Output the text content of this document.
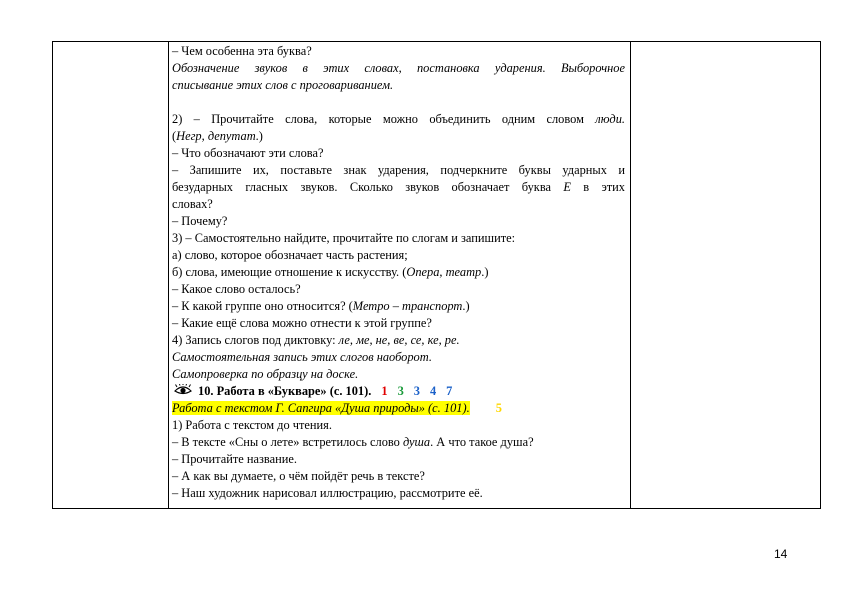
– Чем особенна эта буква?
Обозначение звуков в этих словах, постановка ударения. Выборочное
списывание этих слов с проговариванием.
2) – Прочитайте слова, которые можно объединить одним словом люди.
(Негр, депутат.)
– Что обозначают эти слова?
– Запишите их, поставьте знак ударения, подчеркните буквы ударных и
безударных гласных звуков. Сколько звуков обозначает буква Е в этих
словах?
– Почему?
3) – Самостоятельно найдите, прочитайте по слогам и запишите:
а) слово, которое обозначает часть растения;
б) слова, имеющие отношение к искусству. (Опера, театр.)
– Какое слово осталось?
– К какой группе оно относится? (Метро – транспорт.)
– Какие ещё слова можно отнести к этой группе?
4) Запись слогов под диктовку: ле, ме, не, ве, се, ке, ре.
Самостоятельная запись этих слогов наоборот.
Самопроверка по образцу на доске.
10. Работа в «Букваре» (с. 101). 1 3 3 4 7
Работа с текстом Г. Сапгира «Душа природы» (с. 101). 5
1) Работа с текстом до чтения.
– В тексте «Сны о лете» встретилось слово душа. А что такое душа?
– Прочитайте название.
– А как вы думаете, о чём пойдёт речь в тексте?
– Наш художник нарисовал иллюстрацию, рассмотрите её.
14
